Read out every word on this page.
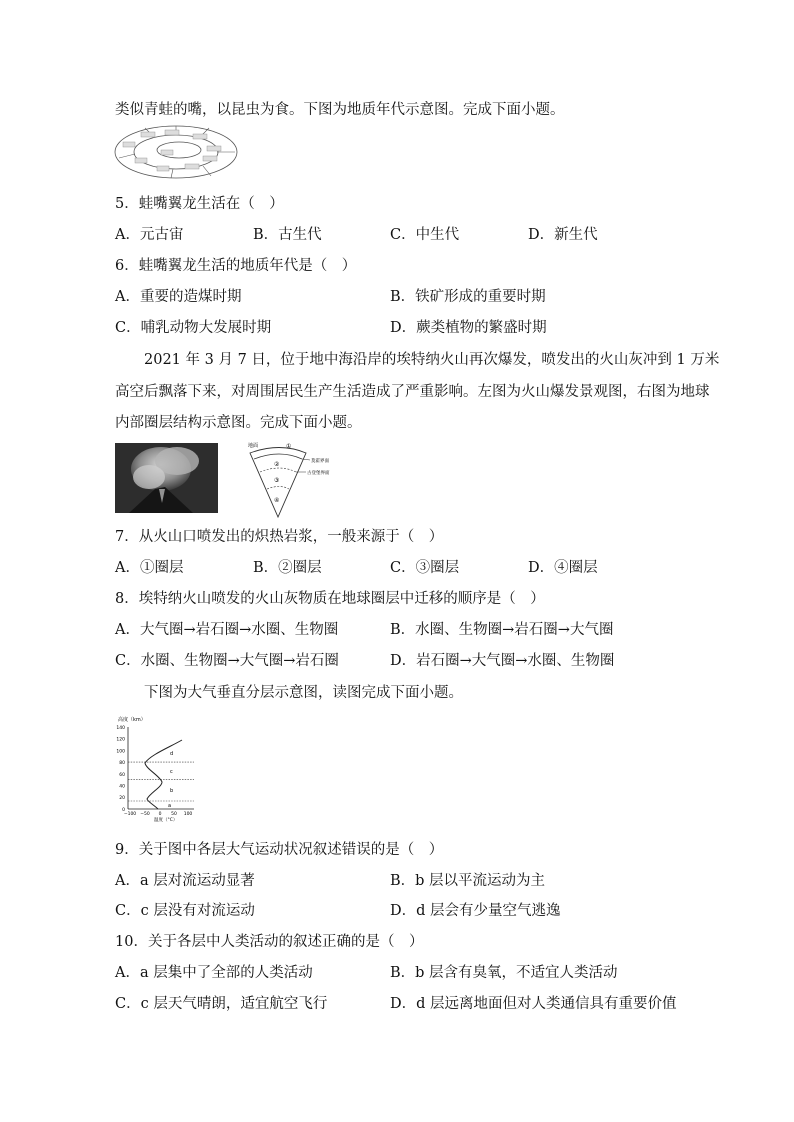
类似青蛙的嘴，以昆虫为食。下图为地质年代示意图。完成下面小题。
5．蛙嘴翼龙生活在（　）
A．元古宙	B．古生代	C．中生代	D．新生代
6．蛙嘴翼龙生活的地质年代是（　）
A．重要的造煤时期	B．铁矿形成的重要时期
C．哺乳动物大发展时期	D．蕨类植物的繁盛时期
2021 年 3 月 7 日，位于地中海沿岸的埃特纳火山再次爆发，喷发出的火山灰冲到 1 万米
高空后飘落下来，对周围居民生产生活造成了严重影响。左图为火山爆发景观图，右图为地球
内部圈层结构示意图。完成下面小题。
地面	①
②
③
④
莫霍界面
古登堡界面
7．从火山口喷发出的炽热岩浆，一般来源于（　）
A．①圈层	B．②圈层	C．③圈层	D．④圈层
8．埃特纳火山喷发的火山灰物质在地球圈层中迁移的顺序是（　）
A．大气圈→岩石圈→水圈、生物圈	B．水圈、生物圈→岩石圈→大气圈
C．水圈、生物圈→大气圈→岩石圈	D．岩石圈→大气圈→水圈、生物圈
下图为大气垂直分层示意图，读图完成下面小题。
高度（km）
140
120
100
80
60
40
20
0
d
c
b
a
−100 −50 0 50 100
温度（°C）
9．关于图中各层大气运动状况叙述错误的是（　）
A．a 层对流运动显著	B．b 层以平流运动为主
C．c 层没有对流运动	D．d 层会有少量空气逃逸
10．关于各层中人类活动的叙述正确的是（　）
A．a 层集中了全部的人类活动	B．b 层含有臭氧，不适宜人类活动
C．c 层天气晴朗，适宜航空飞行	D．d 层远离地面但对人类通信具有重要价值
